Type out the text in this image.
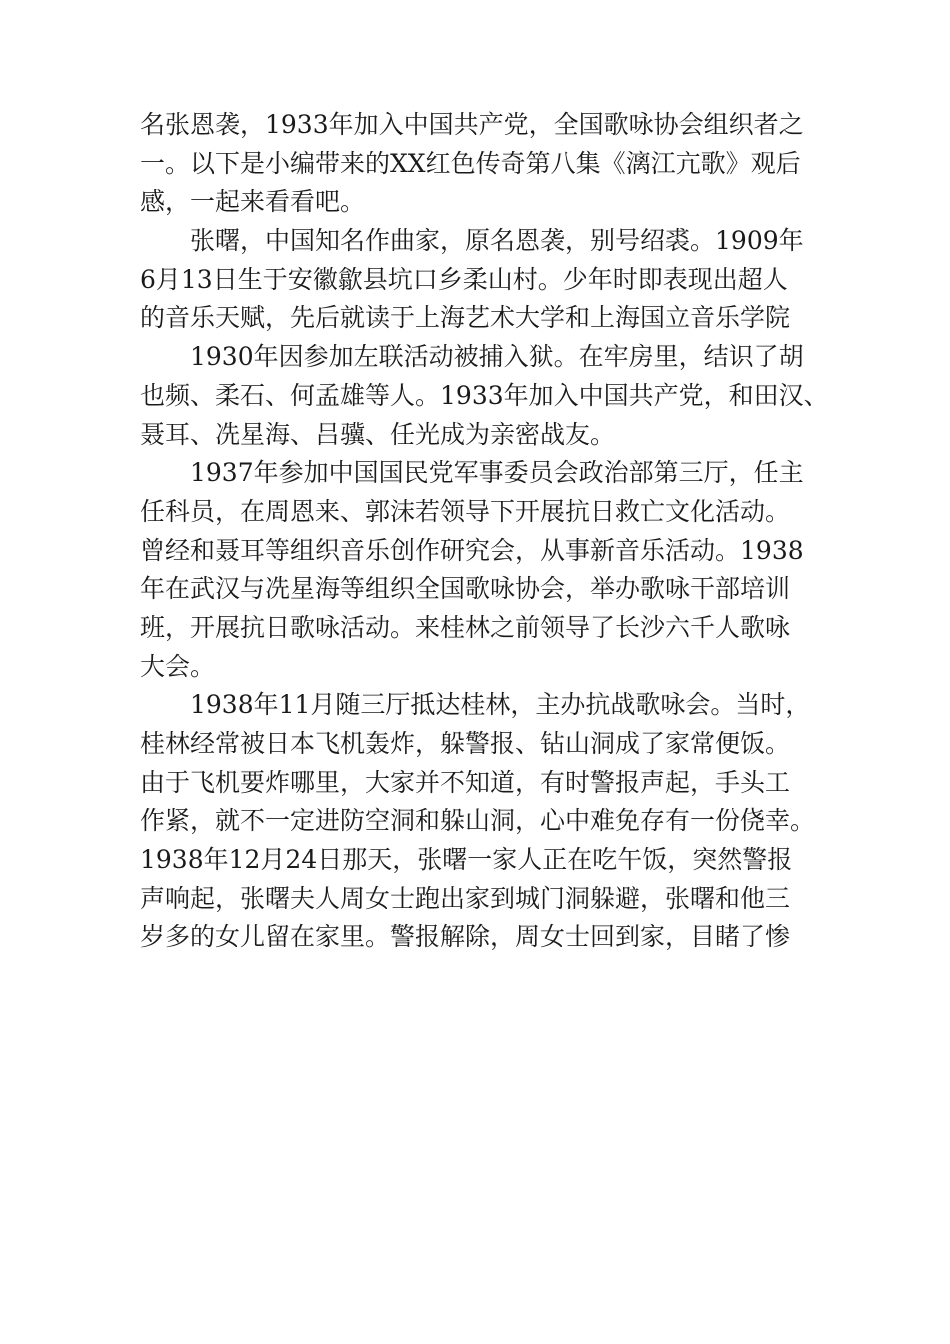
名张恩袭，1933年加入中国共产党，全国歌咏协会组织者之
一。以下是小编带来的XX红色传奇第八集《漓江亢歌》观后
感，一起来看看吧。
张曙，中国知名作曲家，原名恩袭，别号绍裘。1909年
6月13日生于安徽歙县坑口乡柔山村。少年时即表现出超人
的音乐天赋，先后就读于上海艺术大学和上海国立音乐学院
1930年因参加左联活动被捕入狱。在牢房里，结识了胡
也频、柔石、何孟雄等人。1933年加入中国共产党，和田汉、
聂耳、冼星海、吕骥、任光成为亲密战友。
1937年参加中国国民党军事委员会政治部第三厅，任主
任科员，在周恩来、郭沫若领导下开展抗日救亡文化活动。
曾经和聂耳等组织音乐创作研究会，从事新音乐活动。1938
年在武汉与冼星海等组织全国歌咏协会，举办歌咏干部培训
班，开展抗日歌咏活动。来桂林之前领导了长沙六千人歌咏
大会。
1938年11月随三厅抵达桂林，主办抗战歌咏会。当时，
桂林经常被日本飞机轰炸，躲警报、钻山洞成了家常便饭。
由于飞机要炸哪里，大家并不知道，有时警报声起，手头工
作紧，就不一定进防空洞和躲山洞，心中难免存有一份侥幸。
1938年12月24日那天，张曙一家人正在吃午饭，突然警报
声响起，张曙夫人周女士跑出家到城门洞躲避，张曙和他三
岁多的女儿留在家里。警报解除，周女士回到家，目睹了惨
